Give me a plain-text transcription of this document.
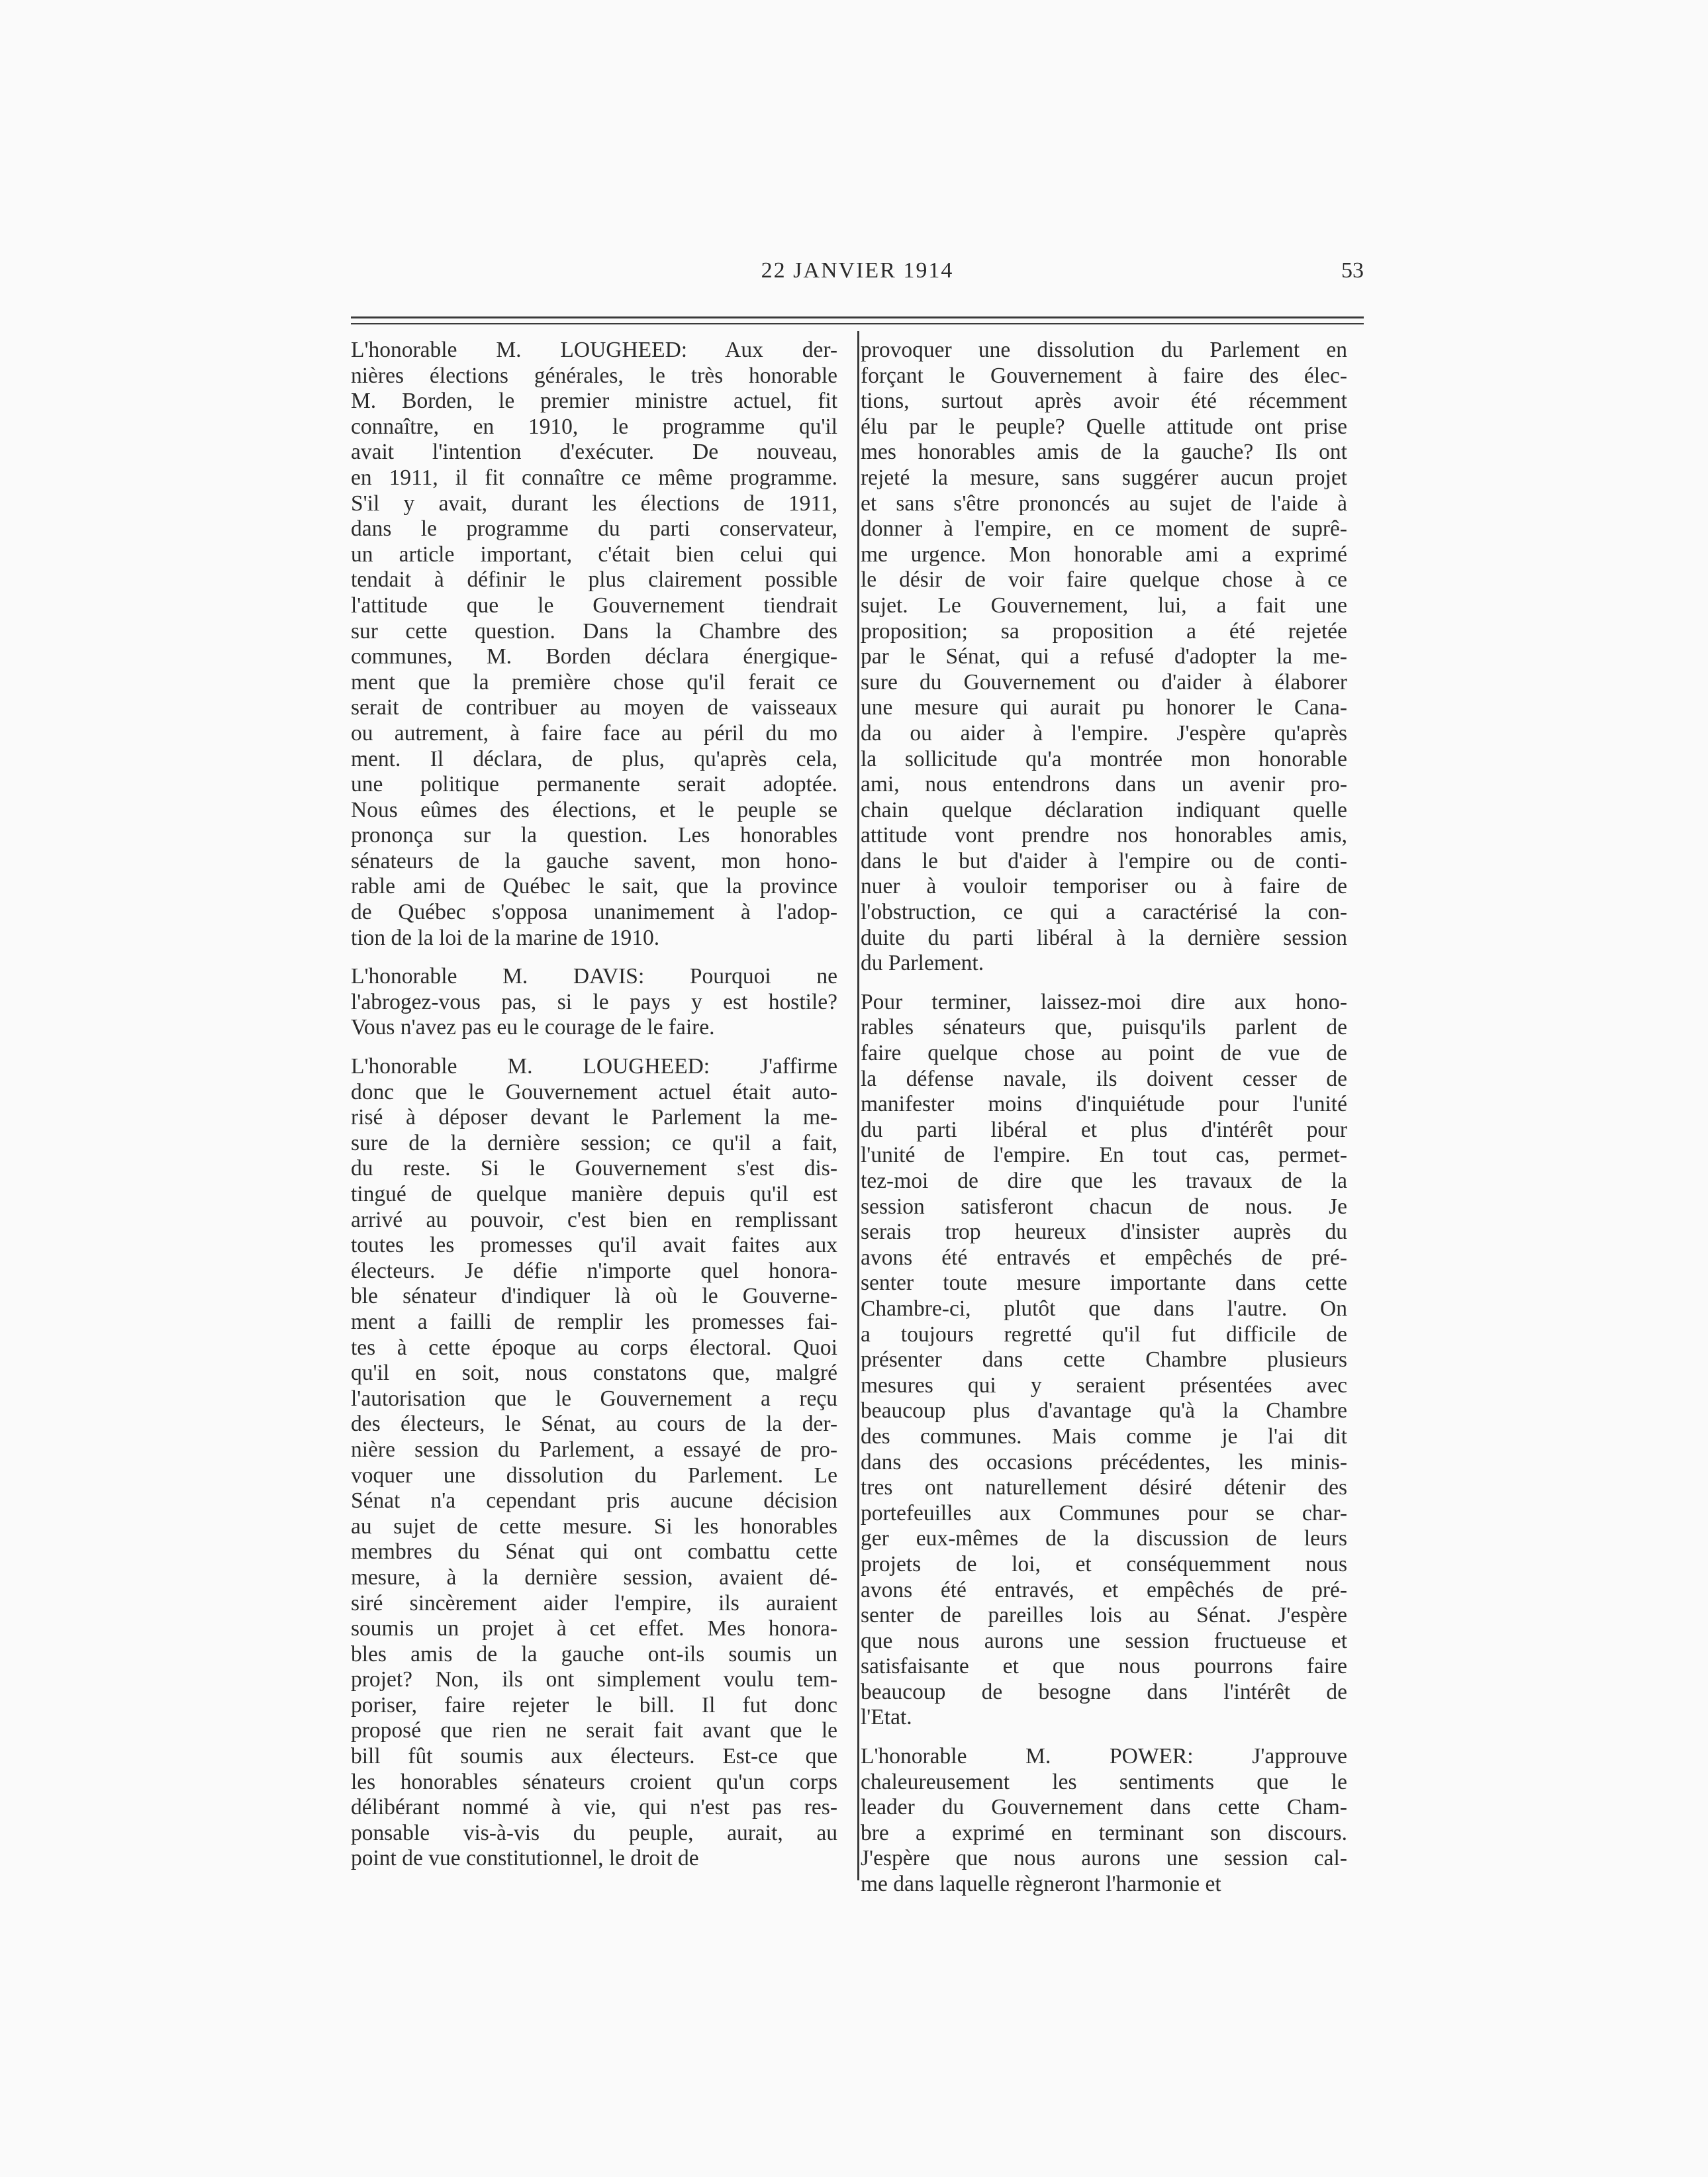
22 JANVIER 1914	53
L'honorable M. LOUGHEED: Aux der-
nières élections générales, le très honorable
M. Borden, le premier ministre actuel, fit
connaître, en 1910, le programme qu'il
avait l'intention d'exécuter. De nouveau,
en 1911, il fit connaître ce même programme.
S'il y avait, durant les élections de 1911,
dans le programme du parti conservateur,
un article important, c'était bien celui qui
tendait à définir le plus clairement possible
l'attitude que le Gouvernement tiendrait
sur cette question. Dans la Chambre des
communes, M. Borden déclara énergique-
ment que la première chose qu'il ferait ce
serait de contribuer au moyen de vaisseaux
ou autrement, à faire face au péril du mo
ment. Il déclara, de plus, qu'après cela,
une politique permanente serait adoptée.
Nous eûmes des élections, et le peuple se
prononça sur la question. Les honorables
sénateurs de la gauche savent, mon hono-
rable ami de Québec le sait, que la province
de Québec s'opposa unanimement à l'adop-
tion de la loi de la marine de 1910.
L'honorable M. DAVIS: Pourquoi ne
l'abrogez-vous pas, si le pays y est hostile?
Vous n'avez pas eu le courage de le faire.
L'honorable M. LOUGHEED: J'affirme
donc que le Gouvernement actuel était auto-
risé à déposer devant le Parlement la me-
sure de la dernière session; ce qu'il a fait,
du reste. Si le Gouvernement s'est dis-
tingué de quelque manière depuis qu'il est
arrivé au pouvoir, c'est bien en remplissant
toutes les promesses qu'il avait faites aux
électeurs. Je défie n'importe quel honora-
ble sénateur d'indiquer là où le Gouverne-
ment a failli de remplir les promesses fai-
tes à cette époque au corps électoral. Quoi
qu'il en soit, nous constatons que, malgré
l'autorisation que le Gouvernement a reçu
des électeurs, le Sénat, au cours de la der-
nière session du Parlement, a essayé de pro-
voquer une dissolution du Parlement. Le
Sénat n'a cependant pris aucune décision
au sujet de cette mesure. Si les honorables
membres du Sénat qui ont combattu cette
mesure, à la dernière session, avaient dé-
siré sincèrement aider l'empire, ils auraient
soumis un projet à cet effet. Mes honora-
bles amis de la gauche ont-ils soumis un
projet? Non, ils ont simplement voulu tem-
poriser, faire rejeter le bill. Il fut donc
proposé que rien ne serait fait avant que le
bill fût soumis aux électeurs. Est-ce que
les honorables sénateurs croient qu'un corps
délibérant nommé à vie, qui n'est pas res-
ponsable vis-à-vis du peuple, aurait, au
point de vue constitutionnel, le droit de
provoquer une dissolution du Parlement en
forçant le Gouvernement à faire des élec-
tions, surtout après avoir été récemment
élu par le peuple? Quelle attitude ont prise
mes honorables amis de la gauche? Ils ont
rejeté la mesure, sans suggérer aucun projet
et sans s'être prononcés au sujet de l'aide à
donner à l'empire, en ce moment de suprê-
me urgence. Mon honorable ami a exprimé
le désir de voir faire quelque chose à ce
sujet. Le Gouvernement, lui, a fait une
proposition; sa proposition a été rejetée
par le Sénat, qui a refusé d'adopter la me-
sure du Gouvernement ou d'aider à élaborer
une mesure qui aurait pu honorer le Cana-
da ou aider à l'empire. J'espère qu'après
la sollicitude qu'a montrée mon honorable
ami, nous entendrons dans un avenir pro-
chain quelque déclaration indiquant quelle
attitude vont prendre nos honorables amis,
dans le but d'aider à l'empire ou de conti-
nuer à vouloir temporiser ou à faire de
l'obstruction, ce qui a caractérisé la con-
duite du parti libéral à la dernière session
du Parlement.
Pour terminer, laissez-moi dire aux hono-
rables sénateurs que, puisqu'ils parlent de
faire quelque chose au point de vue de
la défense navale, ils doivent cesser de
manifester moins d'inquiétude pour l'unité
du parti libéral et plus d'intérêt pour
l'unité de l'empire. En tout cas, permet-
tez-moi de dire que les travaux de la
session satisferont chacun de nous. Je
serais trop heureux d'insister auprès du
avons été entravés et empêchés de pré-
senter toute mesure importante dans cette
Chambre-ci, plutôt que dans l'autre. On
a toujours regretté qu'il fut difficile de
présenter dans cette Chambre plusieurs
mesures qui y seraient présentées avec
beaucoup plus d'avantage qu'à la Chambre
des communes. Mais comme je l'ai dit
dans des occasions précédentes, les minis-
tres ont naturellement désiré détenir des
portefeuilles aux Communes pour se char-
ger eux-mêmes de la discussion de leurs
projets de loi, et conséquemment nous
avons été entravés, et empêchés de pré-
senter de pareilles lois au Sénat. J'espère
que nous aurons une session fructueuse et
satisfaisante et que nous pourrons faire
beaucoup de besogne dans l'intérêt de
l'Etat.
L'honorable M. POWER: J'approuve
chaleureusement les sentiments que le
leader du Gouvernement dans cette Cham-
bre a exprimé en terminant son discours.
J'espère que nous aurons une session cal-
me dans laquelle règneront l'harmonie et
